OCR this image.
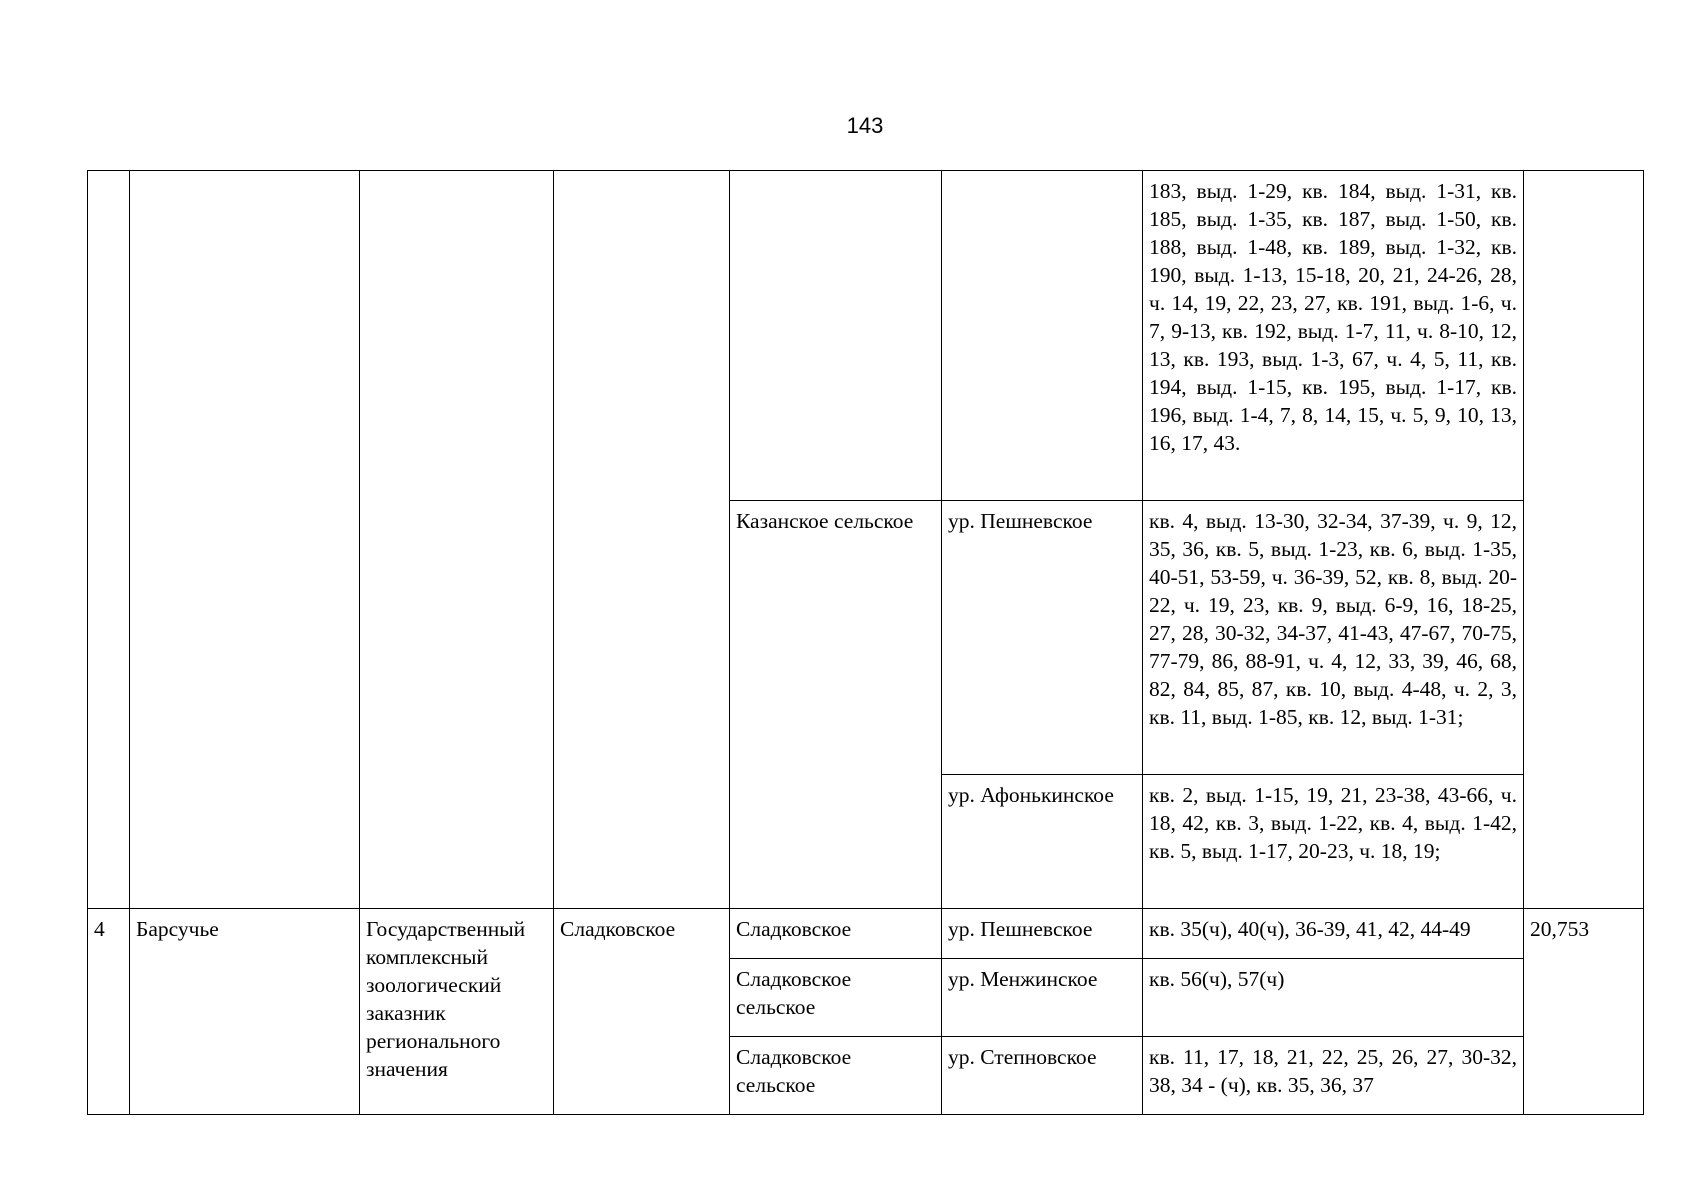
143

						183, выд. 1-29, кв. 184, выд. 1-31, кв. 185, выд. 1-35, кв. 187, выд. 1-50, кв. 188, выд. 1-48, кв. 189, выд. 1-32, кв. 190, выд. 1-13, 15-18, 20, 21, 24-26, 28, ч. 14, 19, 22, 23, 27, кв. 191, выд. 1-6, ч. 7, 9-13, кв. 192, выд. 1-7, 11, ч. 8-10, 12, 13, кв. 193, выд. 1-3, 67, ч. 4, 5, 11, кв. 194, выд. 1-15, кв. 195, выд. 1-17, кв. 196, выд. 1-4, 7, 8, 14, 15, ч. 5, 9, 10, 13, 16, 17, 43.	

				Казанское сельское	ур. Пешневское	кв. 4, выд. 13-30, 32-34, 37-39, ч. 9, 12, 35, 36, кв. 5, выд. 1-23, кв. 6, выд. 1-35, 40-51, 53-59, ч. 36-39, 52, кв. 8, выд. 20-22, ч. 19, 23, кв. 9, выд. 6-9, 16, 18-25, 27, 28, 30-32, 34-37, 41-43, 47-67, 70-75, 77-79, 86, 88-91, ч. 4, 12, 33, 39, 46, 68, 82, 84, 85, 87, кв. 10, выд. 4-48, ч. 2, 3, кв. 11, выд. 1-85, кв. 12, выд. 1-31;	

					ур. Афонькинское	кв. 2, выд. 1-15, 19, 21, 23-38, 43-66, ч. 18, 42, кв. 3, выд. 1-22, кв. 4, выд. 1-42, кв. 5, выд. 1-17, 20-23, ч. 18, 19;	

4	Барсучье	Государственный комплексный зоологический заказник регионального значения	Сладковское	Сладковское	ур. Пешневское	кв. 35(ч), 40(ч), 36-39, 41, 42, 44-49	20,753

				Сладковское сельское	ур. Менжинское	кв. 56(ч), 57(ч)	

				Сладковское сельское	ур. Степновское	кв. 11, 17, 18, 21, 22, 25, 26, 27, 30-32, 38, 34 - (ч), кв. 35, 36, 37	
